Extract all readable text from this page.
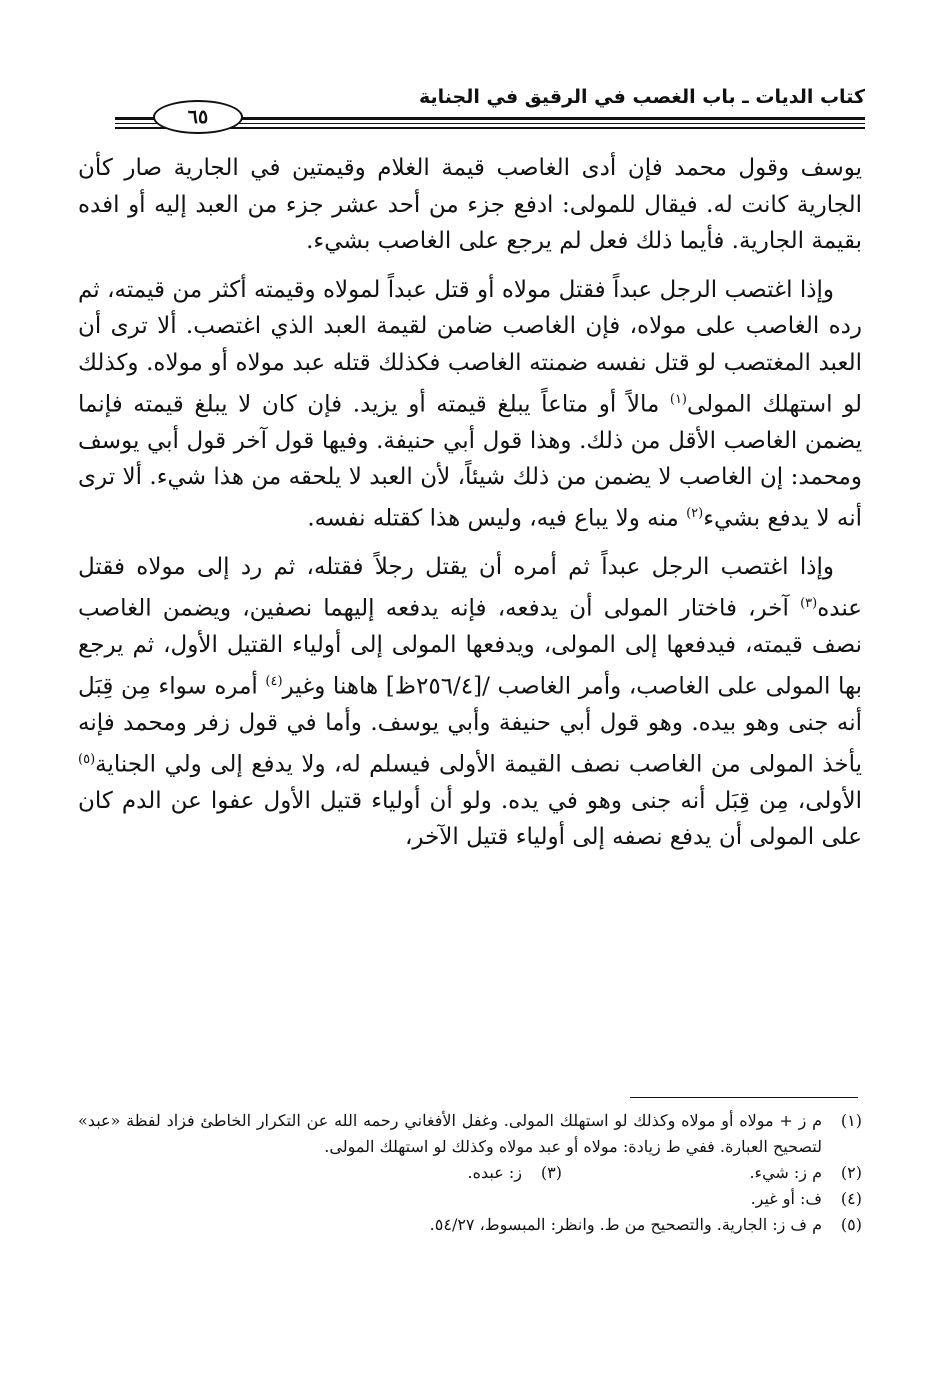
كتاب الديات ـ باب الغصب في الرقيق في الجناية
٦٥

يوسف وقول محمد فإن أدى الغاصب قيمة الغلام وقيمتين في الجارية صار كأن الجارية كانت له. فيقال للمولى: ادفع جزء من أحد عشر جزء من العبد إليه أو افده بقيمة الجارية. فأيما ذلك فعل لم يرجع على الغاصب بشيء.

وإذا اغتصب الرجل عبداً فقتل مولاه أو قتل عبداً لمولاه وقيمته أكثر من قيمته، ثم رده الغاصب على مولاه، فإن الغاصب ضامن لقيمة العبد الذي اغتصب. ألا ترى أن العبد المغتصب لو قتل نفسه ضمنته الغاصب فكذلك قتله عبد مولاه أو مولاه. وكذلك لو استهلك المولى$^{(١)}$ مالاً أو متاعاً يبلغ قيمته أو يزيد. فإن كان لا يبلغ قيمته فإنما يضمن الغاصب الأقل من ذلك. وهذا قول أبي حنيفة. وفيها قول آخر قول أبي يوسف ومحمد: إن الغاصب لا يضمن من ذلك شيئاً، لأن العبد لا يلحقه من هذا شيء. ألا ترى أنه لا يدفع بشيء$^{(٢)}$ منه ولا يباع فيه، وليس هذا كقتله نفسه.

وإذا اغتصب الرجل عبداً ثم أمره أن يقتل رجلاً فقتله، ثم رد إلى مولاه فقتل عنده$^{(٣)}$ آخر، فاختار المولى أن يدفعه، فإنه يدفعه إليهما نصفين، ويضمن الغاصب نصف قيمته، فيدفعها إلى المولى، ويدفعها المولى إلى أولياء القتيل الأول، ثم يرجع بها المولى على الغاصب، وأمر الغاصب /[٢٥٦/٤ظ] هاهنا وغير$^{(٤)}$ أمره سواء مِن قِبَل أنه جنى وهو بيده. وهو قول أبي حنيفة وأبي يوسف. وأما في قول زفر ومحمد فإنه يأخذ المولى من الغاصب نصف القيمة الأولى فيسلم له، ولا يدفع إلى ولي الجناية$^{(٥)}$ الأولى، مِن قِبَل أنه جنى وهو في يده. ولو أن أولياء قتيل الأول عفوا عن الدم كان على المولى أن يدفع نصفه إلى أولياء قتيل الآخر،

(١)
م ز + مولاه أو مولاه وكذلك لو استهلك المولى. وغفل الأفغاني رحمه الله عن التكرار الخاطئ فزاد لفظة «عبد» لتصحيح العبارة. ففي ط زيادة: مولاه أو عبد مولاه وكذلك لو استهلك المولى.
(٢)
م ز: شيء.
(٣)
ز: عبده.
(٤)
ف: أو غير.
(٥)
م ف ز: الجارية. والتصحيح من ط. وانظر: المبسوط، ٥٤/٢٧.
